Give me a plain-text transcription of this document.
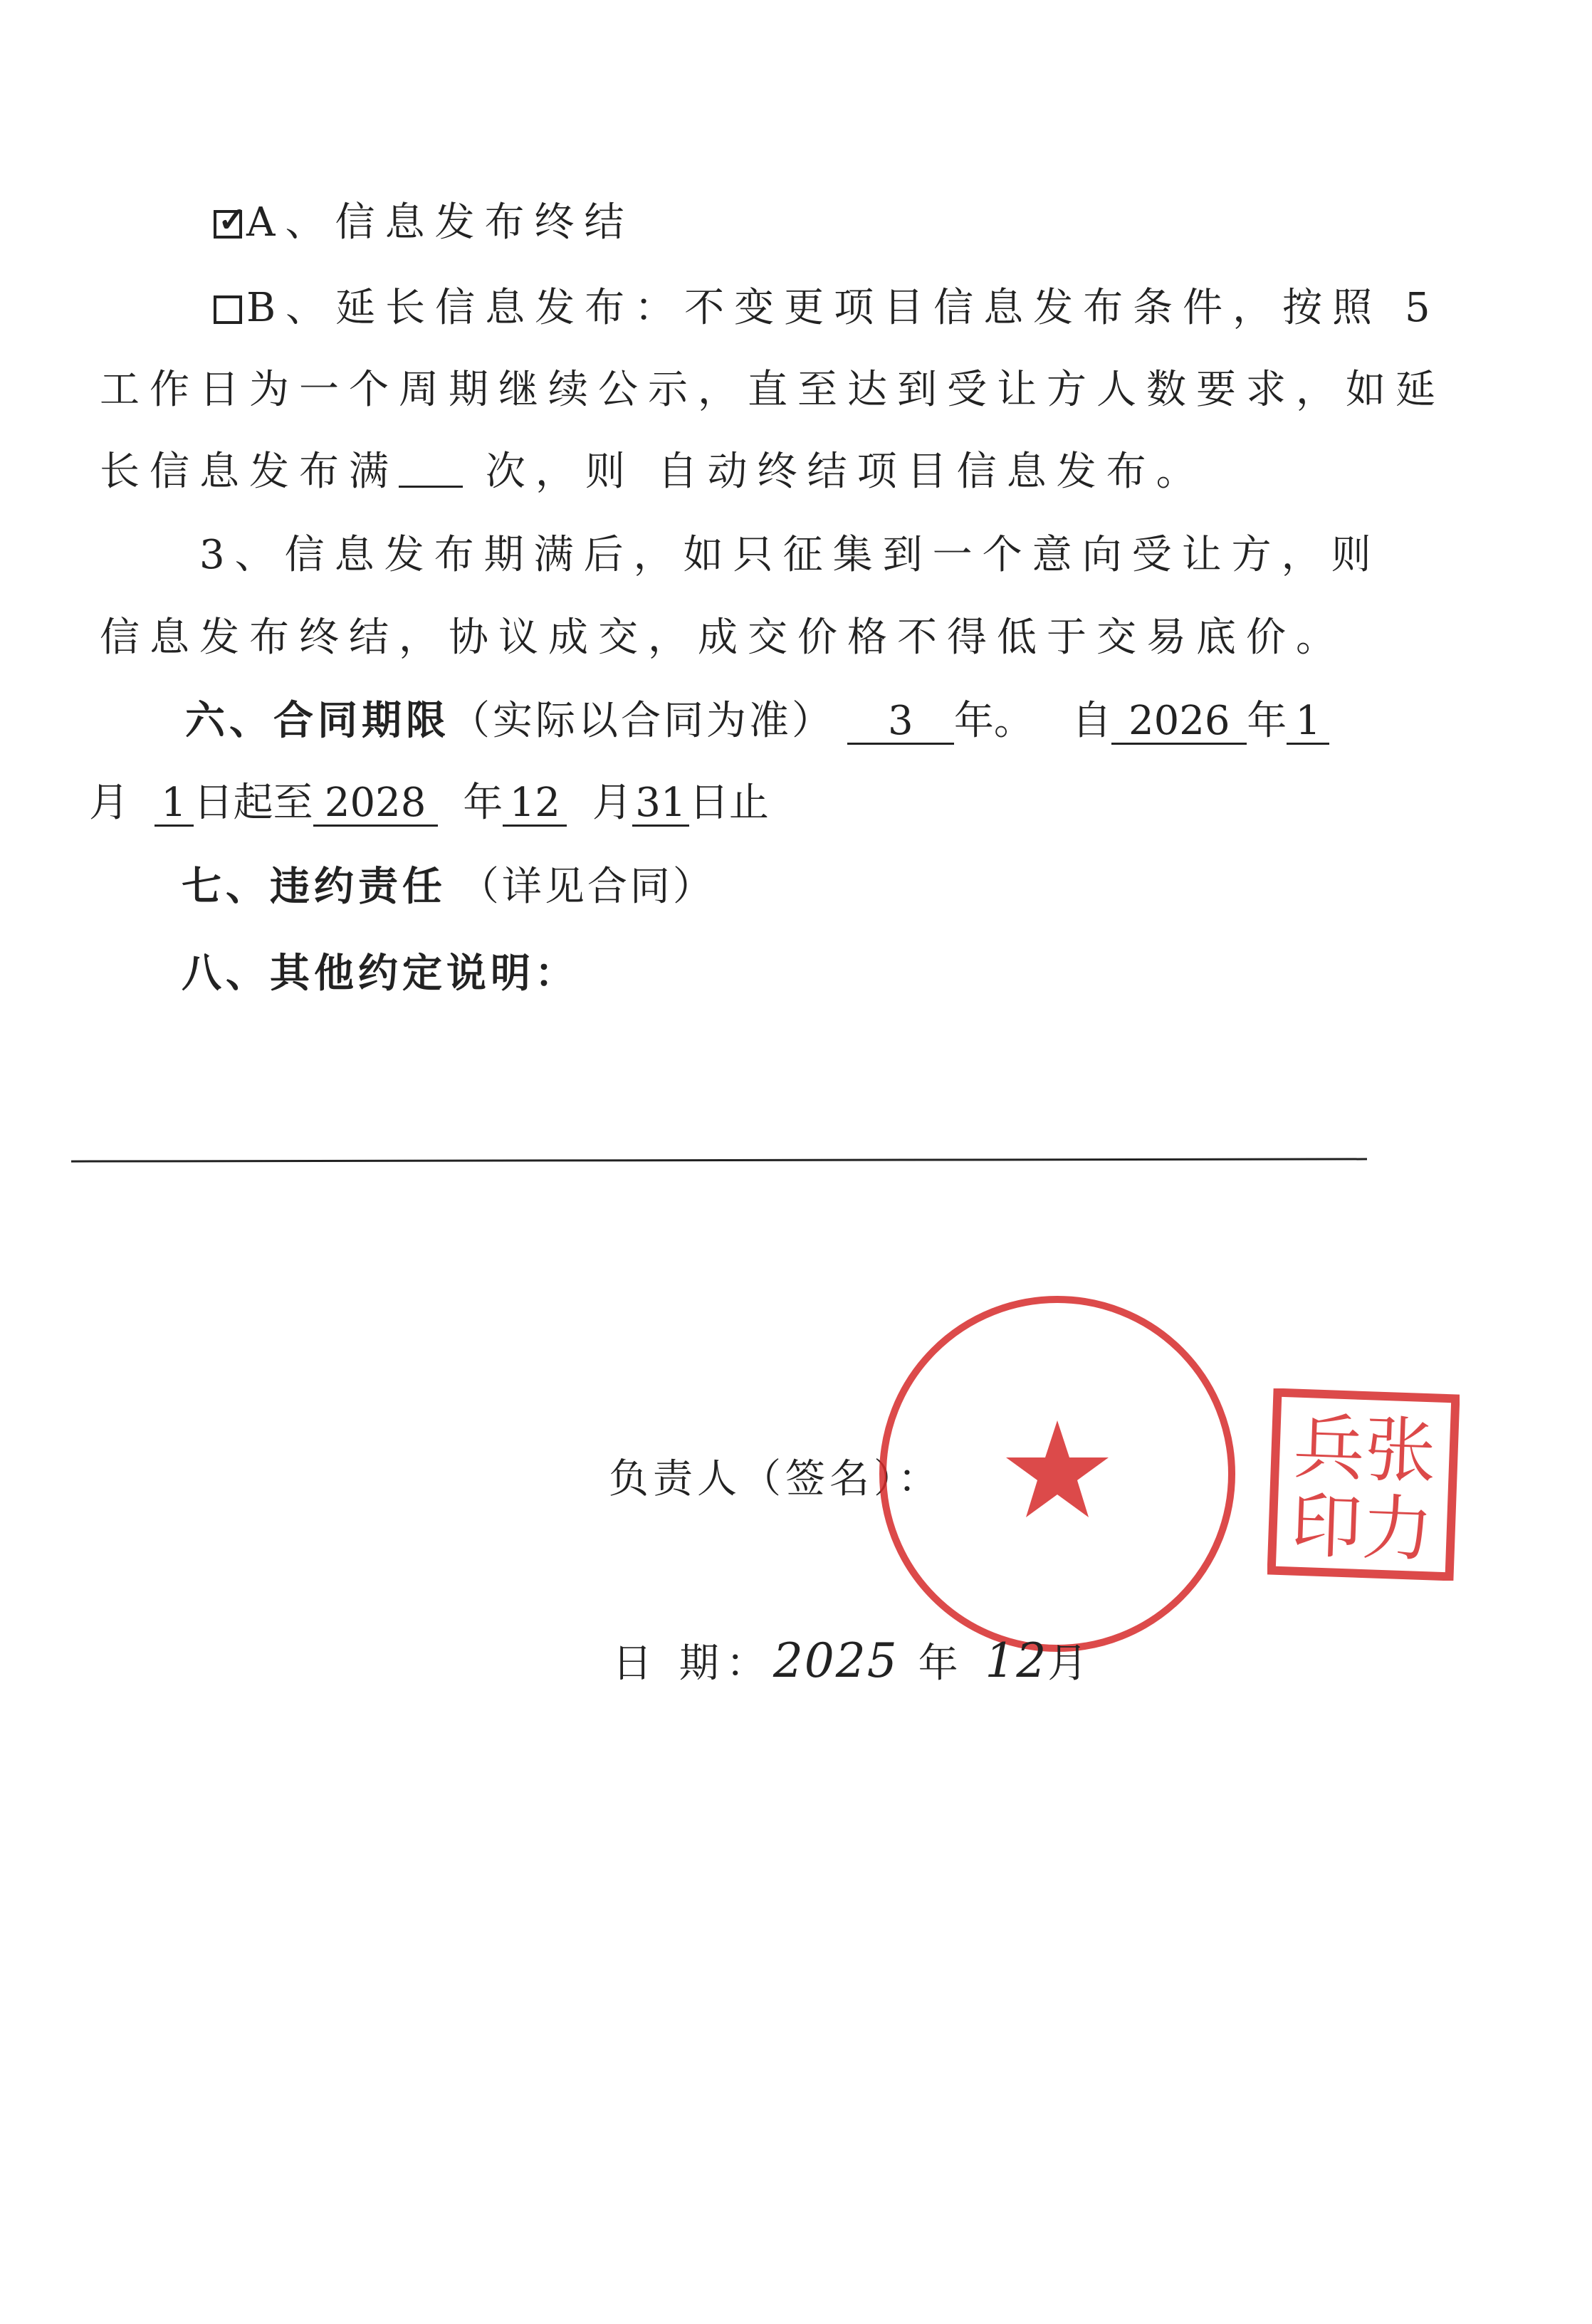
✓
A、信息发布终结
B、延长信息发布：不变更项目信息发布条件，按照 5
工作日为一个周期继续公示，直至达到受让方人数要求，如延
长信息发布满 次，则 自动终结项目信息发布。
3、信息发布期满后，如只征集到一个意向受让方，则
信息发布终结，协议成交，成交价格不得低于交易底价。
六、合同期限（实际以合同为准） 3 年。 自 2026 年 1
月 1 日起至 2028 年 12 月31日止
七、违约责任 （详见合同）
八、其他约定说明：
负责人（签名）：	兵张
印力
日 期：2025 年 12月
